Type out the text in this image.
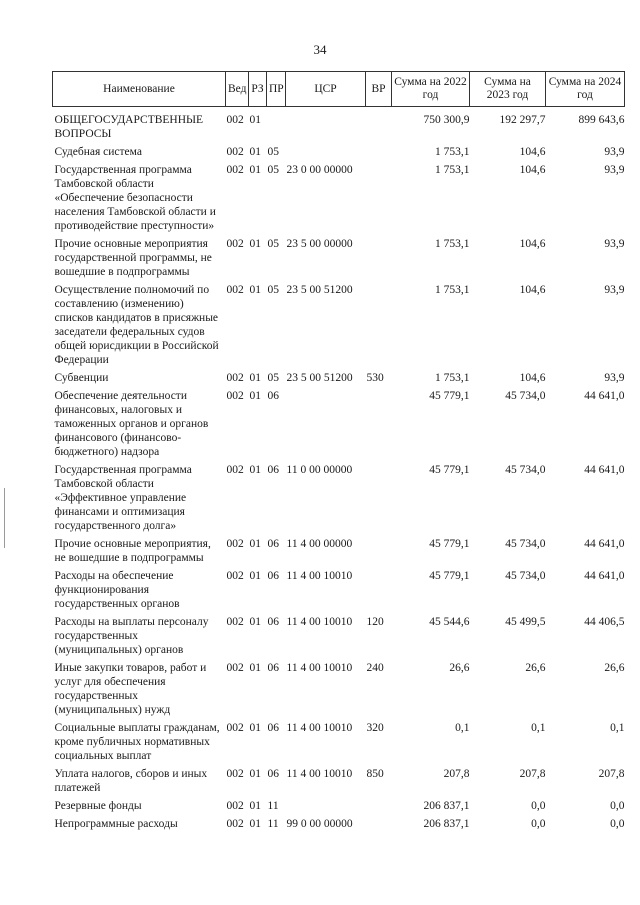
34
Наименование	Вед	РЗ	ПР	ЦСР	ВР	Сумма на 2022 год	Сумма на 2023 год	Сумма на 2024 год
ОБЩЕГОСУДАРСТВЕННЫЕ ВОПРОСЫ	002	01				750 300,9	192 297,7	899 643,6
Судебная система	002	01	05			1 753,1	104,6	93,9
Государственная программа Тамбовской области «Обеспечение безопасности населения Тамбовской области и противодействие преступности»	002	01	05	23 0 00 00000		1 753,1	104,6	93,9
Прочие основные мероприятия государственной программы, не вошедшие в подпрограммы	002	01	05	23 5 00 00000		1 753,1	104,6	93,9
Осуществление полномочий по составлению (изменению) списков кандидатов в присяжные заседатели федеральных судов общей юрисдикции в Российской Федерации	002	01	05	23 5 00 51200		1 753,1	104,6	93,9
Субвенции	002	01	05	23 5 00 51200	530	1 753,1	104,6	93,9
Обеспечение деятельности финансовых, налоговых и таможенных органов и органов финансового (финансово-бюджетного) надзора	002	01	06			45 779,1	45 734,0	44 641,0
Государственная программа Тамбовской области «Эффективное управление финансами и оптимизация государственного долга»	002	01	06	11 0 00 00000		45 779,1	45 734,0	44 641,0
Прочие основные мероприятия, не вошедшие в подпрограммы	002	01	06	11 4 00 00000		45 779,1	45 734,0	44 641,0
Расходы на обеспечение функционирования государственных органов	002	01	06	11 4 00 10010		45 779,1	45 734,0	44 641,0
Расходы на выплаты персоналу государственных (муниципальных) органов	002	01	06	11 4 00 10010	120	45 544,6	45 499,5	44 406,5
Иные закупки товаров, работ и услуг для обеспечения государственных (муниципальных) нужд	002	01	06	11 4 00 10010	240	26,6	26,6	26,6
Социальные выплаты гражданам, кроме публичных нормативных социальных выплат	002	01	06	11 4 00 10010	320	0,1	0,1	0,1
Уплата налогов, сборов и иных платежей	002	01	06	11 4 00 10010	850	207,8	207,8	207,8
Резервные фонды	002	01	11			206 837,1	0,0	0,0
Непрограммные расходы	002	01	11	99 0 00 00000		206 837,1	0,0	0,0
